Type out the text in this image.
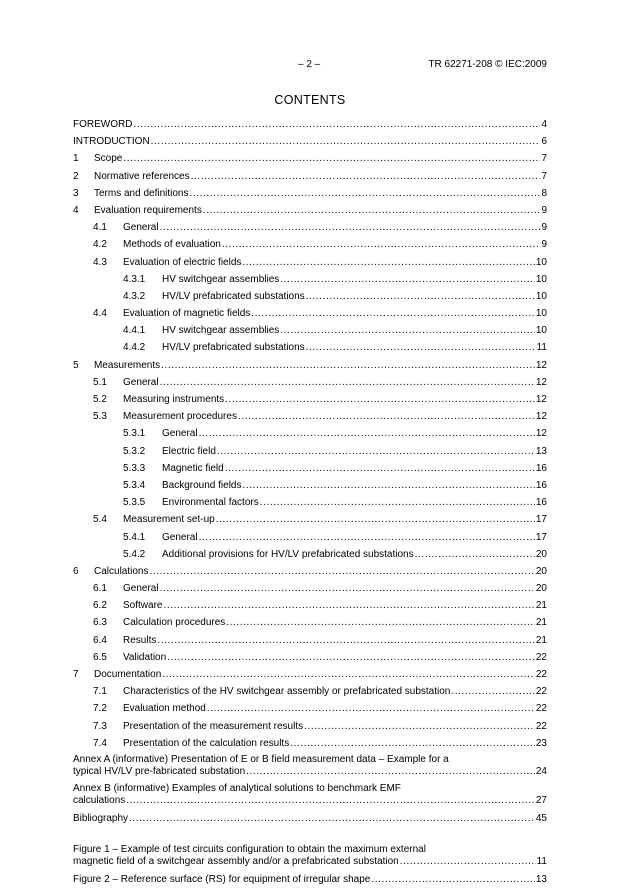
– 2 –	TR 62271-208 © IEC:2009
CONTENTS
FOREWORD .....	4
INTRODUCTION .....	6
1	Scope .....	7
2	Normative references .....	7
3	Terms and definitions .....	8
4	Evaluation requirements .....	9
4.1	General .....	9
4.2	Methods of evaluation .....	9
4.3	Evaluation of electric fields .....	10
4.3.1	HV switchgear assemblies .....	10
4.3.2	HV/LV prefabricated substations .....	10
4.4	Evaluation of magnetic fields .....	10
4.4.1	HV switchgear assemblies .....	10
4.4.2	HV/LV prefabricated substations .....	11
5	Measurements .....	12
5.1	General .....	12
5.2	Measuring instruments .....	12
5.3	Measurement procedures .....	12
5.3.1	General .....	12
5.3.2	Electric field .....	13
5.3.3	Magnetic field .....	16
5.3.4	Background fields .....	16
5.3.5	Environmental factors .....	16
5.4	Measurement set-up .....	17
5.4.1	General .....	17
5.4.2	Additional provisions for HV/LV prefabricated substations .....	20
6	Calculations .....	20
6.1	General .....	20
6.2	Software .....	21
6.3	Calculation procedures .....	21
6.4	Results .....	21
6.5	Validation .....	22
7	Documentation .....	22
7.1	Characteristics of the HV switchgear assembly or prefabricated substation .....	22
7.2	Evaluation method .....	22
7.3	Presentation of the measurement results .....	22
7.4	Presentation of the calculation results .....	23
Annex A (informative) Presentation of E or B field measurement data – Example for a
typical HV/LV pre-fabricated substation .....	24
Annex B (informative) Examples of analytical solutions to benchmark EMF
calculations .....	27
Bibliography .....	45
Figure 1 – Example of test circuits configuration to obtain the maximum external
magnetic field of a switchgear assembly and/or a prefabricated substation .....	11
Figure 2 – Reference surface (RS) for equipment of irregular shape .....	13
